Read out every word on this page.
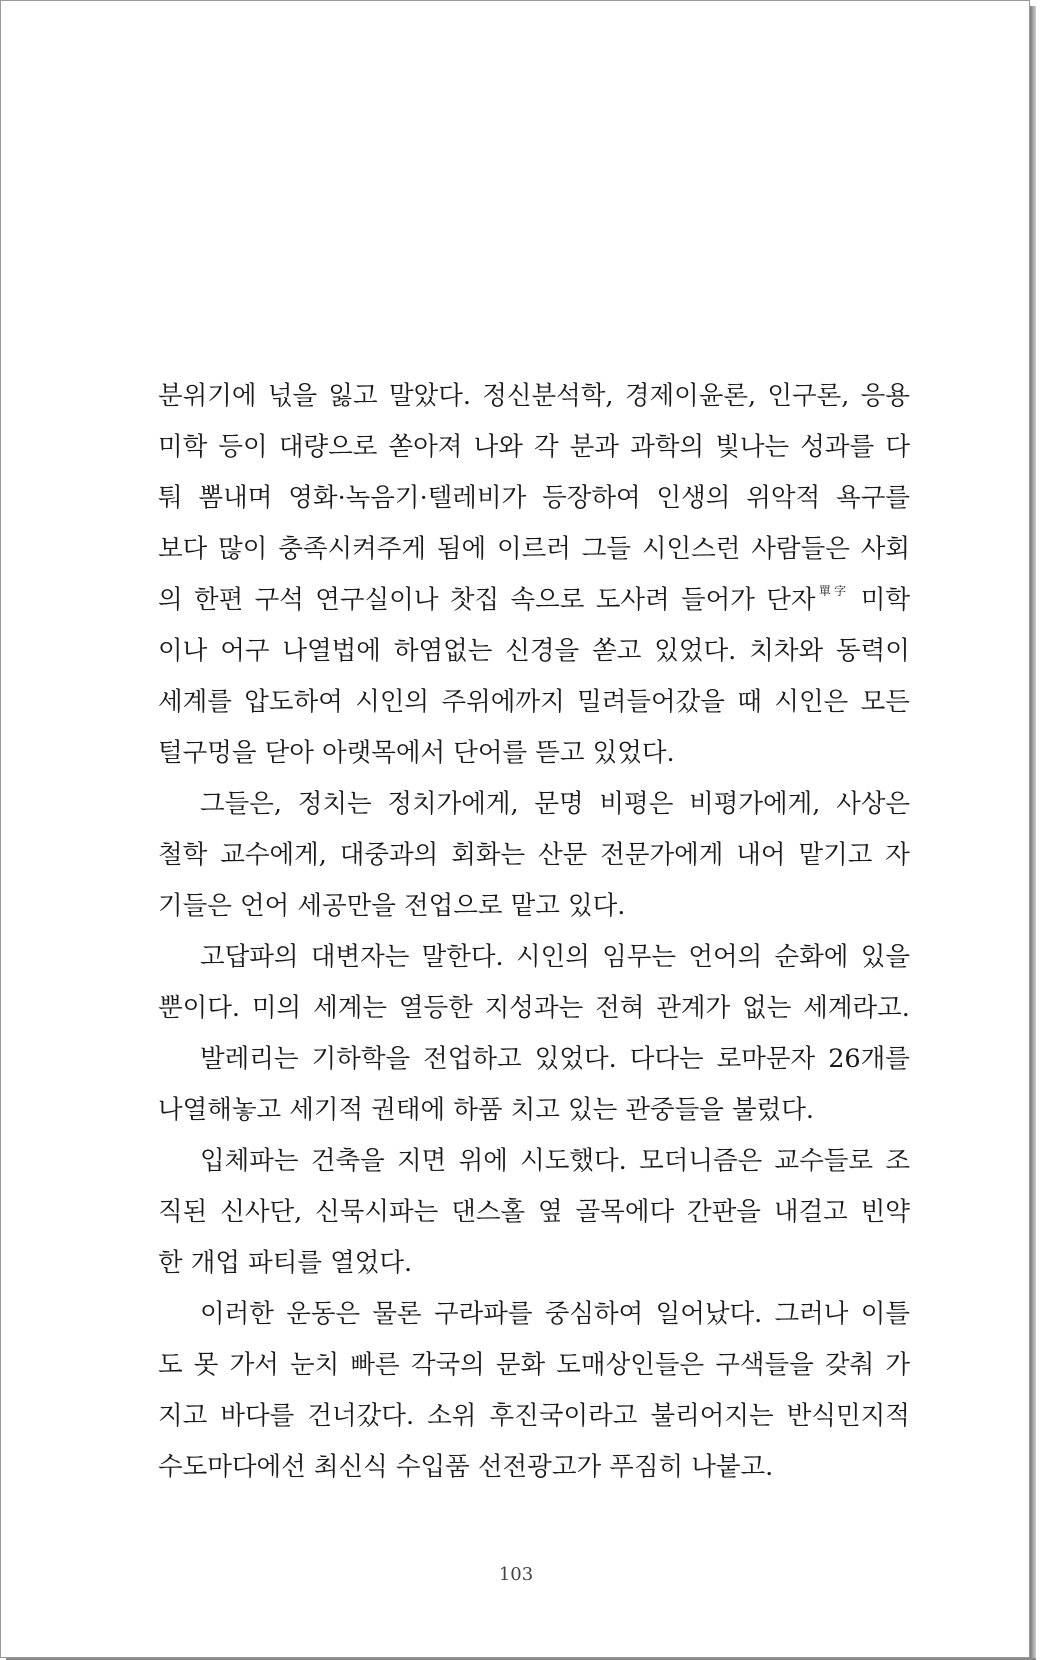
분위기에 넋을 잃고 말았다. 정신분석학, 경제이윤론, 인구론, 응용
미학 등이 대량으로 쏟아져 나와 각 분과 과학의 빛나는 성과를 다
퉈 뽐내며 영화·녹음기·텔레비가 등장하여 인생의 위악적 욕구를
보다 많이 충족시켜주게 됨에 이르러 그들 시인스런 사람들은 사회
의 한편 구석 연구실이나 찻집 속으로 도사려 들어가 단자$^{單字}$ 미학
이나 어구 나열법에 하염없는 신경을 쏟고 있었다. 치차와 동력이
세계를 압도하여 시인의 주위에까지 밀려들어갔을 때 시인은 모든
털구멍을 닫아 아랫목에서 단어를 뜯고 있었다.
그들은, 정치는 정치가에게, 문명 비평은 비평가에게, 사상은
철학 교수에게, 대중과의 회화는 산문 전문가에게 내어 맡기고 자
기들은 언어 세공만을 전업으로 맡고 있다.
고답파의 대변자는 말한다. 시인의 임무는 언어의 순화에 있을
뿐이다. 미의 세계는 열등한 지성과는 전혀 관계가 없는 세계라고.
발레리는 기하학을 전업하고 있었다. 다다는 로마문자 26개를
나열해놓고 세기적 권태에 하품 치고 있는 관중들을 불렀다.
입체파는 건축을 지면 위에 시도했다. 모더니즘은 교수들로 조
직된 신사단, 신묵시파는 댄스홀 옆 골목에다 간판을 내걸고 빈약
한 개업 파티를 열었다.
이러한 운동은 물론 구라파를 중심하여 일어났다. 그러나 이틀
도 못 가서 눈치 빠른 각국의 문화 도매상인들은 구색들을 갖춰 가
지고 바다를 건너갔다. 소위 후진국이라고 불리어지는 반식민지적
수도마다에선 최신식 수입품 선전광고가 푸짐히 나붙고.
103
